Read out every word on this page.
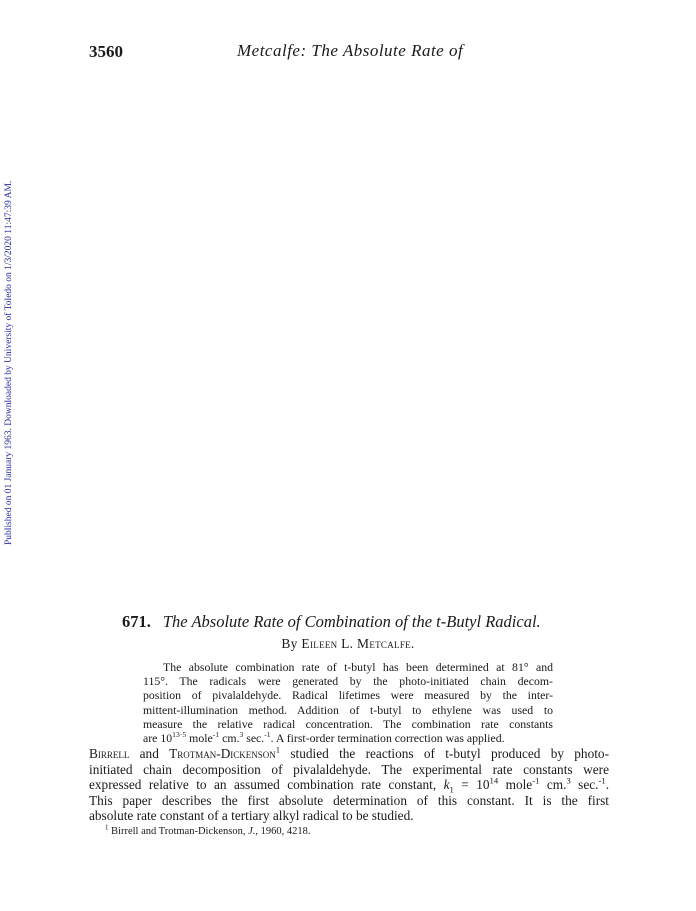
3560	Metcalfe: The Absolute Rate of
Published on 01 January 1963. Downloaded by University of Toledo on 1/3/2020 11:47:39 AM.
671. The Absolute Rate of Combination of the t-Butyl Radical.
By Eileen L. Metcalfe.
The absolute combination rate of t-butyl has been determined at 81° and
115°. The radicals were generated by the photo-initiated chain decom-
position of pivalaldehyde. Radical lifetimes were measured by the inter-
mittent-illumination method. Addition of t-butyl to ethylene was used to
measure the relative radical concentration. The combination rate constants
are $10^{13\cdot 5}$ mole$^{-1}$ cm.$^3$ sec.$^{-1}$. A first-order termination correction was applied.
Birrell and Trotman-Dickenson$^1$ studied the reactions of t-butyl produced by photo-
initiated chain decomposition of pivalaldehyde. The experimental rate constants were
expressed relative to an assumed combination rate constant, $k_1 = 10^{14}$ mole$^{-1}$ cm.$^3$ sec.$^{-1}$.
This paper describes the first absolute determination of this constant. It is the first
absolute rate constant of a tertiary alkyl radical to be studied.
$^1$ Birrell and Trotman-Dickenson, J., 1960, 4218.
